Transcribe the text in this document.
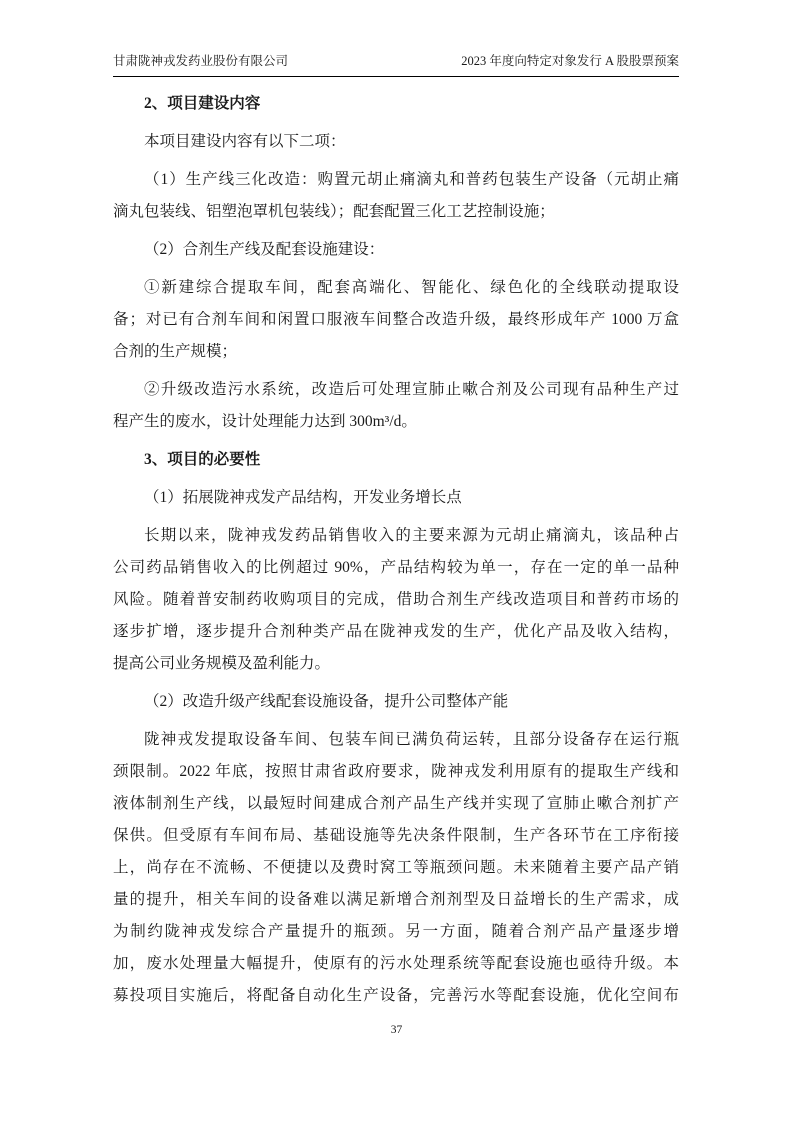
甘肃陇神戎发药业股份有限公司	2023 年度向特定对象发行 A 股股票预案
2、项目建设内容
本项目建设内容有以下二项：
（1）生产线三化改造：购置元胡止痛滴丸和普药包装生产设备（元胡止痛
滴丸包装线、铝塑泡罩机包装线）；配套配置三化工艺控制设施；
（2）合剂生产线及配套设施建设：
①新建综合提取车间，配套高端化、智能化、绿色化的全线联动提取设
备；对已有合剂车间和闲置口服液车间整合改造升级，最终形成年产 1000 万盒
合剂的生产规模；
②升级改造污水系统，改造后可处理宣肺止嗽合剂及公司现有品种生产过
程产生的废水，设计处理能力达到 300m³/d。
3、项目的必要性
（1）拓展陇神戎发产品结构，开发业务增长点
长期以来，陇神戎发药品销售收入的主要来源为元胡止痛滴丸，该品种占
公司药品销售收入的比例超过 90%，产品结构较为单一，存在一定的单一品种
风险。随着普安制药收购项目的完成，借助合剂生产线改造项目和普药市场的
逐步扩增，逐步提升合剂种类产品在陇神戎发的生产，优化产品及收入结构，
提高公司业务规模及盈利能力。
（2）改造升级产线配套设施设备，提升公司整体产能
陇神戎发提取设备车间、包装车间已满负荷运转，且部分设备存在运行瓶
颈限制。2022 年底，按照甘肃省政府要求，陇神戎发利用原有的提取生产线和
液体制剂生产线，以最短时间建成合剂产品生产线并实现了宣肺止嗽合剂扩产
保供。但受原有车间布局、基础设施等先决条件限制，生产各环节在工序衔接
上，尚存在不流畅、不便捷以及费时窝工等瓶颈问题。未来随着主要产品产销
量的提升，相关车间的设备难以满足新增合剂剂型及日益增长的生产需求，成
为制约陇神戎发综合产量提升的瓶颈。另一方面，随着合剂产品产量逐步增
加，废水处理量大幅提升，使原有的污水处理系统等配套设施也亟待升级。本
募投项目实施后，将配备自动化生产设备，完善污水等配套设施，优化空间布
37
